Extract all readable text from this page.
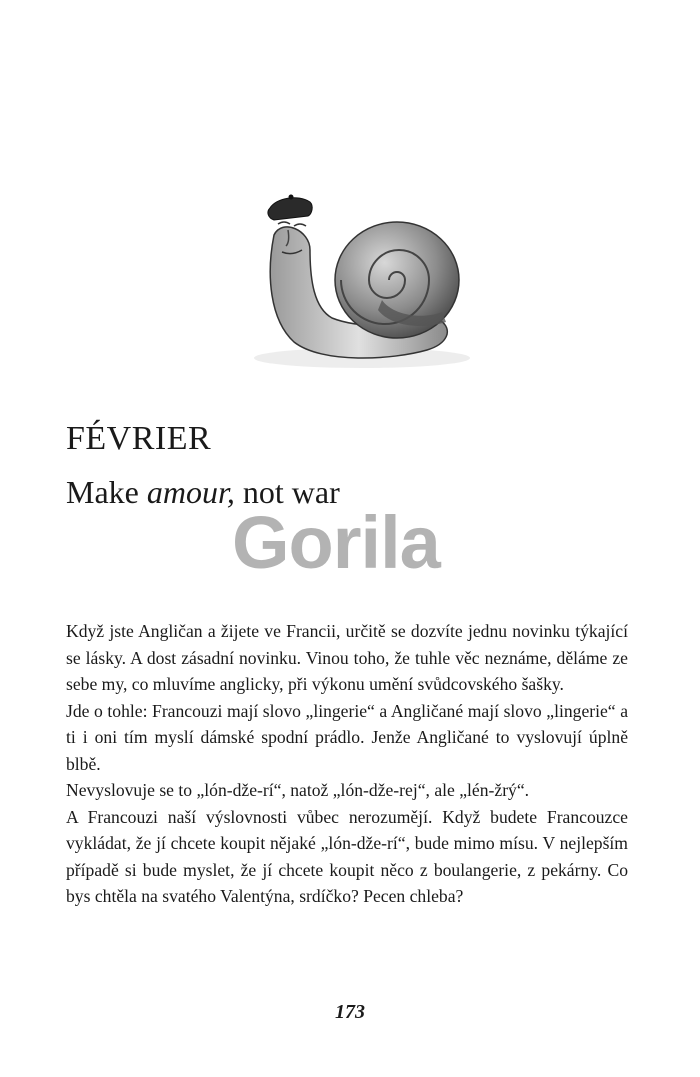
FÉVRIER
Make amour, not war
Gorila

Když jste Angličan a žijete ve Francii, určitě se dozvíte jednu novinku týkající se lásky. A dost zásadní novinku. Vinou toho, že tuhle věc neznáme, děláme ze sebe my, co mluvíme anglicky, při výkonu umění svůdcovského šašky.

Jde o tohle: Francouzi mají slovo „lingerie“ a Angličané mají slovo „lingerie“ a ti i oni tím myslí dámské spodní prádlo. Jenže Angličané to vyslovují úplně blbě.

Nevyslovuje se to „lón-dže-rí“, natož „lón-dže-rej“, ale „lén-žrý“.

A Francouzi naší výslovnosti vůbec nerozumějí. Když budete Francouzce vykládat, že jí chcete koupit nějaké „lón-dže-rí“, bude mimo mísu. V nejlepším případě si bude myslet, že jí chcete koupit něco z boulangerie, z pekárny. Co bys chtěla na svatého Valentýna, srdíčko? Pecen chleba?

173
